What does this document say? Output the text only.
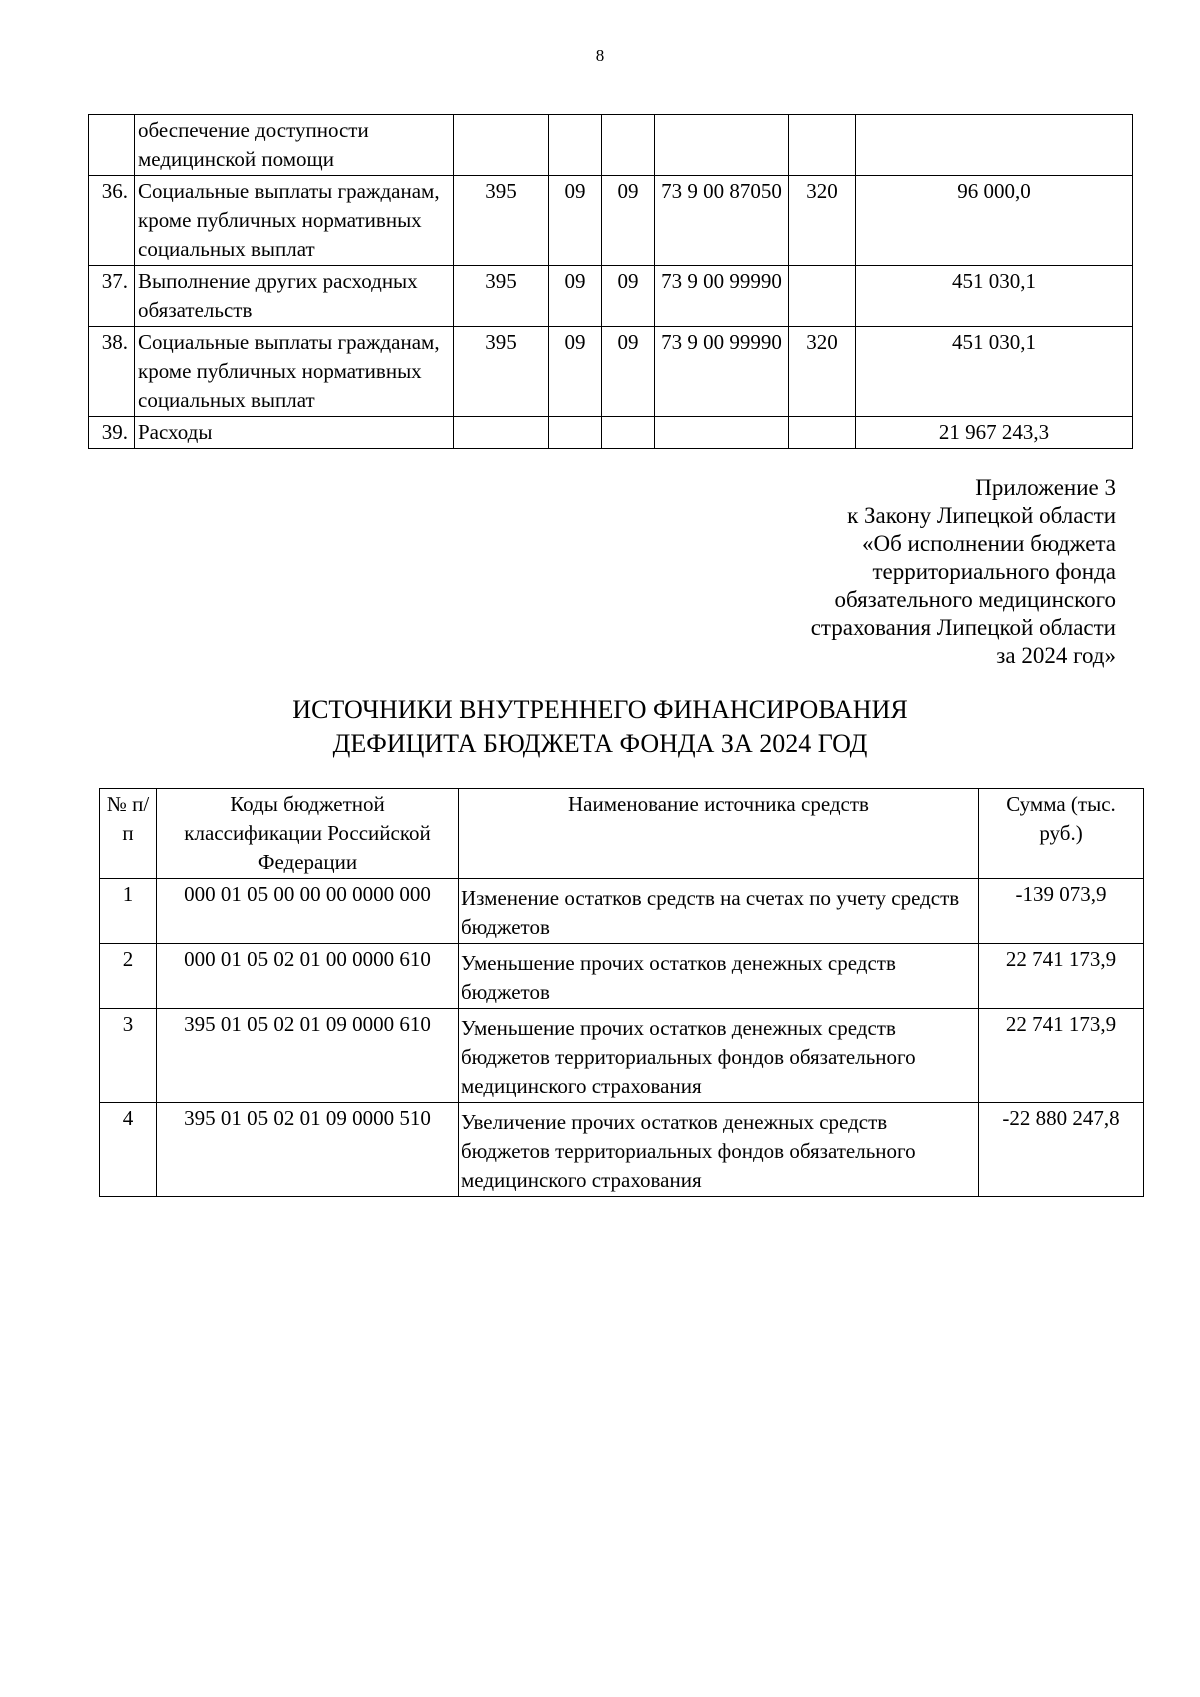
8
	обеспечение доступности медицинской помощи						
36.	Социальные выплаты гражданам, кроме публичных нормативных социальных выплат	395	09	09	73 9 00 87050	320	96 000,0
37.	Выполнение других расходных обязательств	395	09	09	73 9 00 99990		451 030,1
38.	Социальные выплаты гражданам, кроме публичных нормативных социальных выплат	395	09	09	73 9 00 99990	320	451 030,1
39.	Расходы						21 967 243,3
Приложение 3
к Закону Липецкой области
«Об исполнении бюджета
территориального фонда
обязательного медицинского
страхования Липецкой области
за 2024 год»
ИСТОЧНИКИ ВНУТРЕННЕГО ФИНАНСИРОВАНИЯ
ДЕФИЦИТА БЮДЖЕТА ФОНДА ЗА 2024 ГОД
№ п/п	Коды бюджетной классификации Российской Федерации	Наименование источника средств	Сумма (тыс. руб.)
1	000 01 05 00 00 00 0000 000	Изменение остатков средств на счетах по учету средств бюджетов	-139 073,9
2	000 01 05 02 01 00 0000 610	Уменьшение прочих остатков денежных средств бюджетов	22 741 173,9
3	395 01 05 02 01 09 0000 610	Уменьшение прочих остатков денежных средств бюджетов территориальных фондов обязательного медицинского страхования	22 741 173,9
4	395 01 05 02 01 09 0000 510	Увеличение прочих остатков денежных средств бюджетов территориальных фондов обязательного медицинского страхования	-22 880 247,8
